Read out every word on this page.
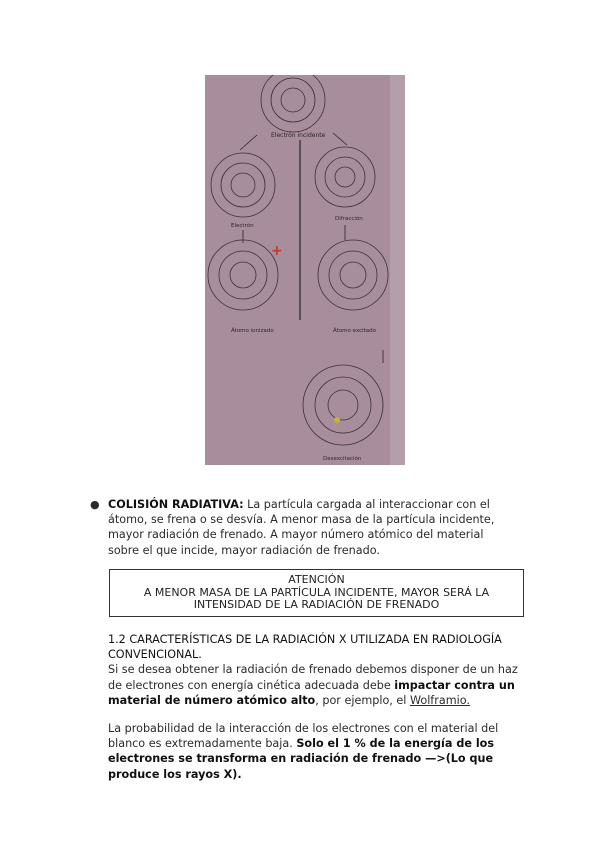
Electrón incidente
Electrón
Difracción
+
Átomo ionizado	Átomo excitado
Desexcitación
● COLISIÓN RADIATIVA: La partícula cargada al interaccionar con el átomo, se frena o se desvía. A menor masa de la partícula incidente, mayor radiación de frenado. A mayor número atómico del material sobre el que incide, mayor radiación de frenado.
ATENCIÓN
A MENOR MASA DE LA PARTÍCULA INCIDENTE, MAYOR SERÁ LA
INTENSIDAD DE LA RADIACIÓN DE FRENADO

1.2 CARACTERÍSTICAS DE LA RADIACIÓN X UTILIZADA EN RADIOLOGÍA CONVENCIONAL.

Si se desea obtener la radiación de frenado debemos disponer de un haz de electrones con energía cinética adecuada debe impactar contra un material de número atómico alto, por ejemplo, el Wolframio.

La probabilidad de la interacción de los electrones con el material del blanco es extremadamente baja. Solo el 1 % de la energía de los electrones se transforma en radiación de frenado —>(Lo que produce los rayos X).
